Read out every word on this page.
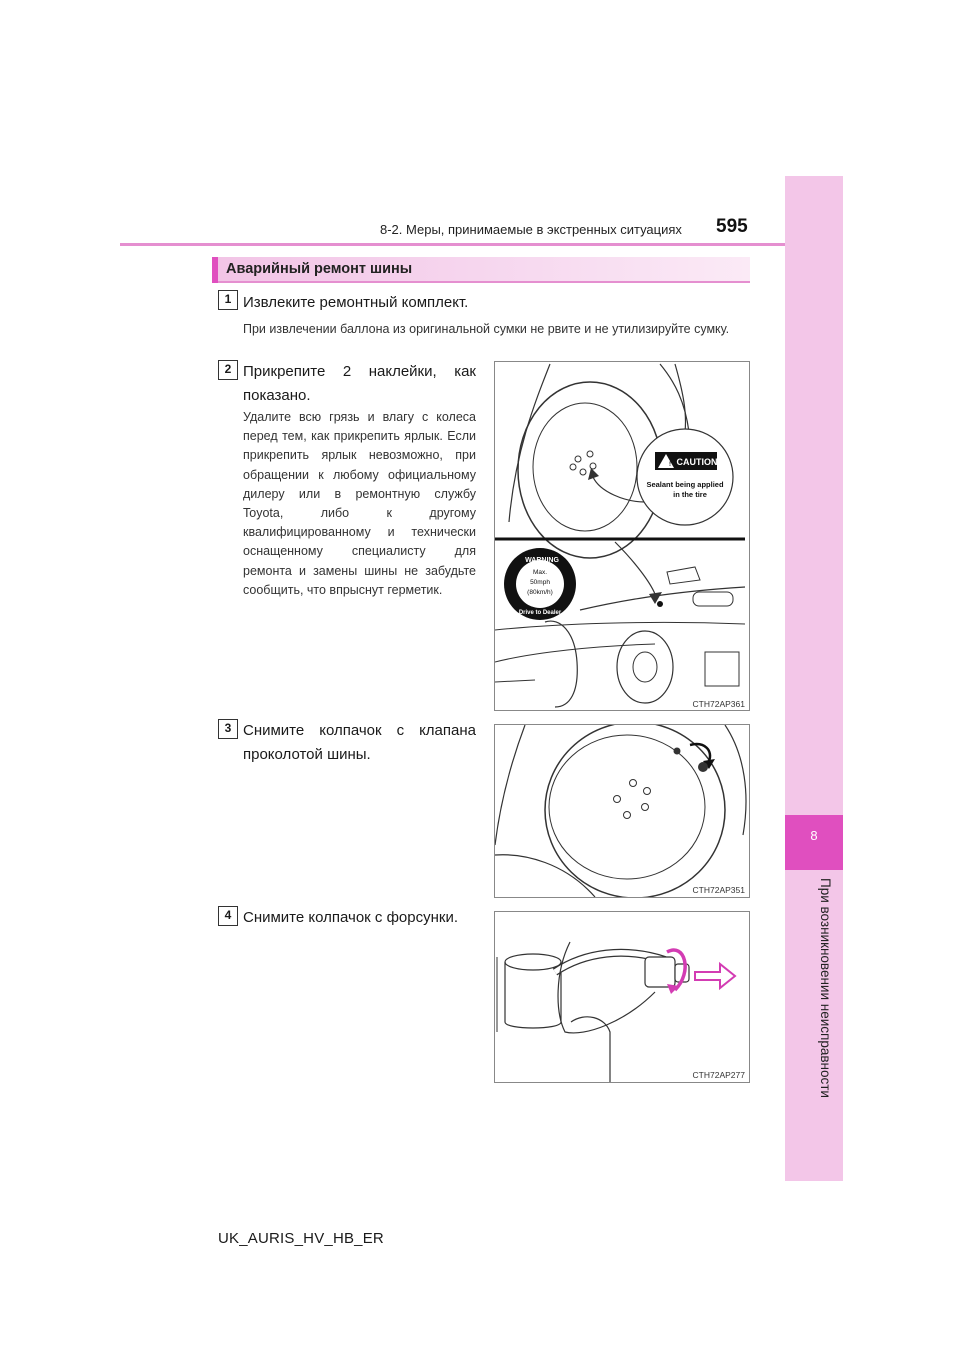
8-2. Меры, принимаемые в экстренных ситуациях 595
8
При возникновении неисправности
Аварийный ремонт шины
1 Извлеките ремонтный комплект.
При извлечении баллона из оригинальной сумки не рвите и не утилизируйте сумку.
2 Прикрепите 2 наклейки, как показано.
Удалите всю грязь и влагу с колеса перед тем, как прикрепить ярлык. Если прикрепить ярлык невозможно, при обращении к любому официальному дилеру или в ремонтную службу Toyota, либо к другому квалифицированному и технически оснащенному специалисту для ремонта и замены шины не забудьте сообщить, что впрыснут герметик.
! CAUTION
Sealant being applied
in the tire
WARNING
Max.
50mph
(80km/h)
Drive to Dealer
CTH72AP361
3 Снимите колпачок с клапана проколотой шины.
CTH72AP351
4 Снимите колпачок с форсунки.
CTH72AP277
UK_AURIS_HV_HB_ER
